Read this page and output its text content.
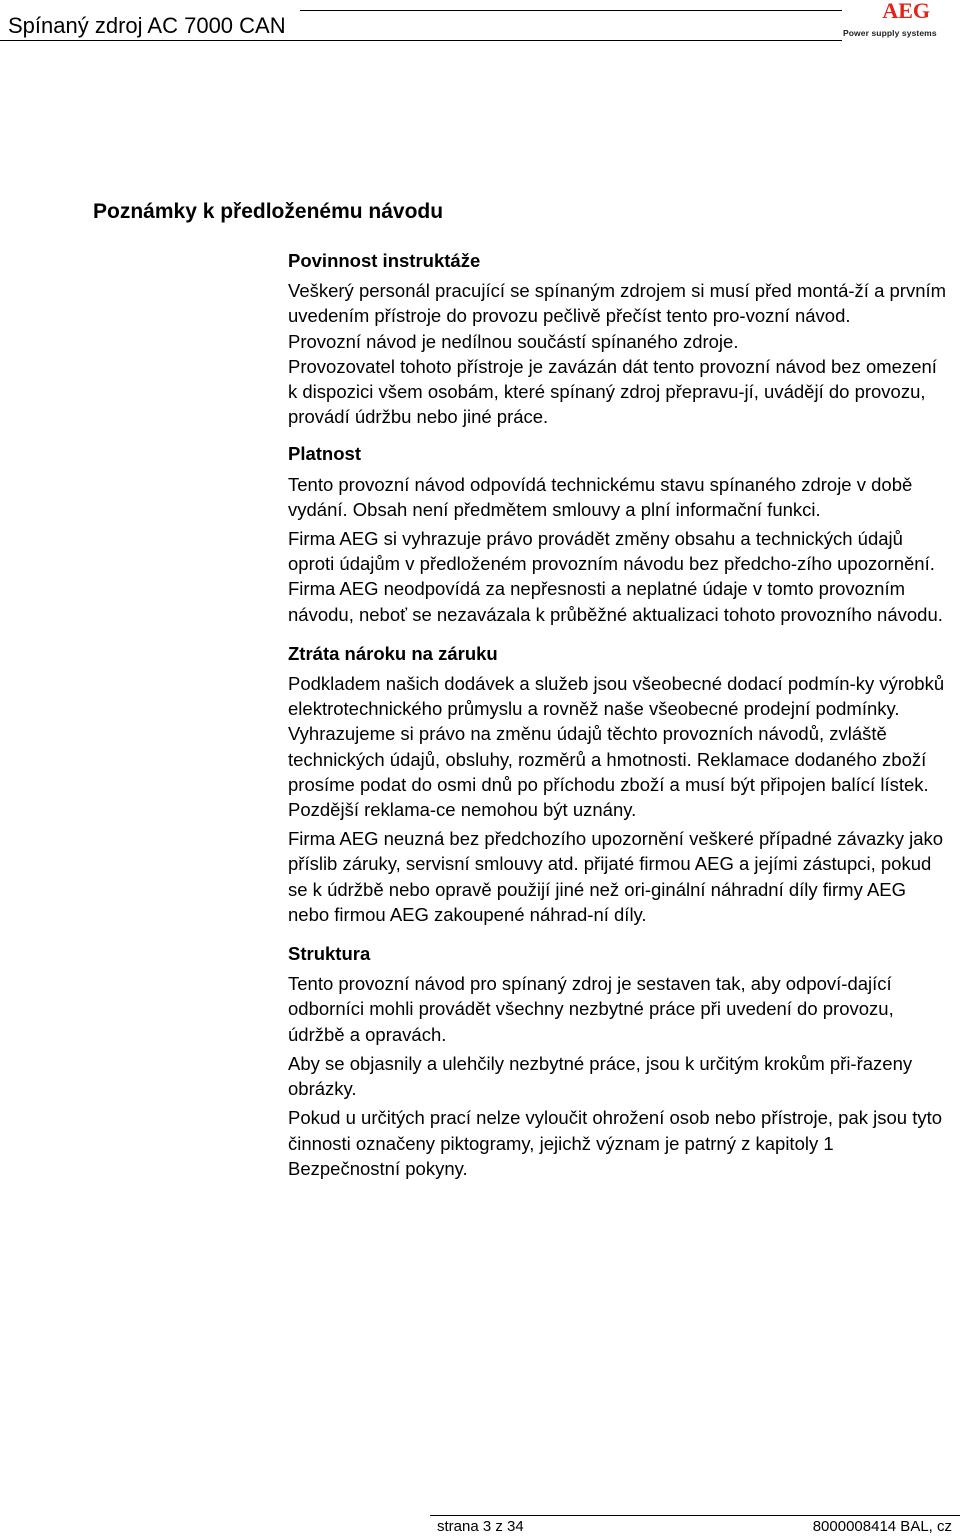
Spínaný zdroj AC 7000 CAN
AEG
Power supply systems
Poznámky k předloženému návodu
Povinnost instruktáže

Veškerý personál pracující se spínaným zdrojem si musí před montá-ží a prvním uvedením přístroje do provozu pečlivě přečíst tento pro-vozní návod.

Provozní návod je nedílnou součástí spínaného zdroje.

Provozovatel tohoto přístroje je zavázán dát tento provozní návod bez omezení k dispozici všem osobám, které spínaný zdroj přepravu-jí, uvádějí do provozu, provádí údržbu nebo jiné práce.

Platnost

Tento provozní návod odpovídá technickému stavu spínaného zdroje v době vydání. Obsah není předmětem smlouvy a plní informační funkci.

Firma AEG si vyhrazuje právo provádět změny obsahu a technických údajů oproti údajům v předloženém provozním návodu bez předcho-zího upozornění. Firma AEG neodpovídá za nepřesnosti a neplatné údaje v tomto provozním návodu, neboť se nezavázala k průběžné aktualizaci tohoto provozního návodu.

Ztráta nároku na záruku

Podkladem našich dodávek a služeb jsou všeobecné dodací podmín-ky výrobků elektrotechnického průmyslu a rovněž naše všeobecné prodejní podmínky. Vyhrazujeme si právo na změnu údajů těchto provozních návodů, zvláště technických údajů, obsluhy, rozměrů a hmotnosti. Reklamace dodaného zboží prosíme podat do osmi dnů po příchodu zboží a musí být připojen balící lístek. Pozdější reklama-ce nemohou být uznány.

Firma AEG neuzná bez předchozího upozornění veškeré případné závazky jako příslib záruky, servisní smlouvy atd. přijaté firmou AEG a jejími zástupci, pokud se k údržbě nebo opravě použijí jiné než ori-ginální náhradní díly firmy AEG nebo firmou AEG zakoupené náhrad-ní díly.

Struktura

Tento provozní návod pro spínaný zdroj je sestaven tak, aby odpoví-dající odborníci mohli provádět všechny nezbytné práce při uvedení do provozu, údržbě a opravách.

Aby se objasnily a ulehčily nezbytné práce, jsou k určitým krokům při-řazeny obrázky.

Pokud u určitých prací nelze vyloučit ohrožení osob nebo přístroje, pak jsou tyto činnosti označeny piktogramy, jejichž význam je patrný z kapitoly 1 Bezpečnostní pokyny.

strana 3 z 34	8000008414 BAL, cz
